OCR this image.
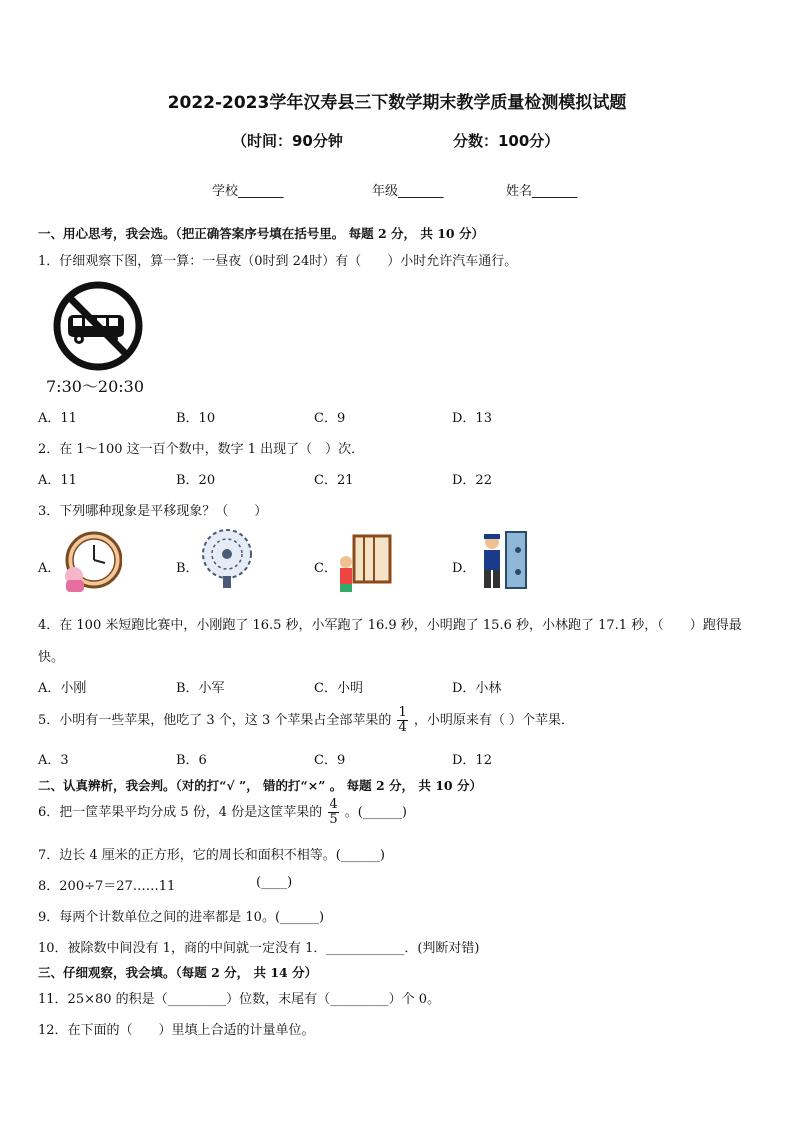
2022-2023学年汉寿县三下数学期末教学质量检测模拟试题
（时间：90分钟	分数：100分）
学校_______	年级_______	姓名_______
一、用心思考，我会选。（把正确答案序号填在括号里。 每题 2 分， 共 10 分）
1．仔细观察下图，算一算：一昼夜（0时到 24时）有（　　）小时允许汽车通行。
7:30～20:30
A．11	B．10	C．9	D．13
2．在 1～100 这一百个数中，数字 1 出现了（　）次．
A．11	B．20	C．21	D．22
3．下列哪种现象是平移现象？（　　）
A．	B．	C．	D．
4．在 100 米短跑比赛中，小刚跑了 16.5 秒，小军跑了 16.9 秒，小明跑了 15.6 秒，小林跑了 17.1 秒，（　　）跑得最
快。
A．小刚	B．小军	C．小明	D．小林
5．小明有一些苹果，他吃了 3 个，这 3 个苹果占全部苹果的 $\frac{1}{4}$ ，小明原来有（ ）个苹果．
A．3	B．6	C．9	D．12
二、认真辨析，我会判。（对的打“√ ”， 错的打“×” 。 每题 2 分， 共 10 分）
6．把一筐苹果平均分成 5 份，4 份是这筐苹果的 $\frac{4}{5}$ 。(______)
7．边长 4 厘米的正方形，它的周长和面积不相等。(______)
8．200÷7＝27……11	(____)
9．每两个计数单位之间的进率都是 10。(______)
10．被除数中间没有 1，商的中间就一定没有 1．____________．(判断对错)
三、仔细观察，我会填。（每题 2 分， 共 14 分）
11．25×80 的积是（_________）位数，末尾有（_________）个 0。
12．在下面的（　　）里填上合适的计量单位。
